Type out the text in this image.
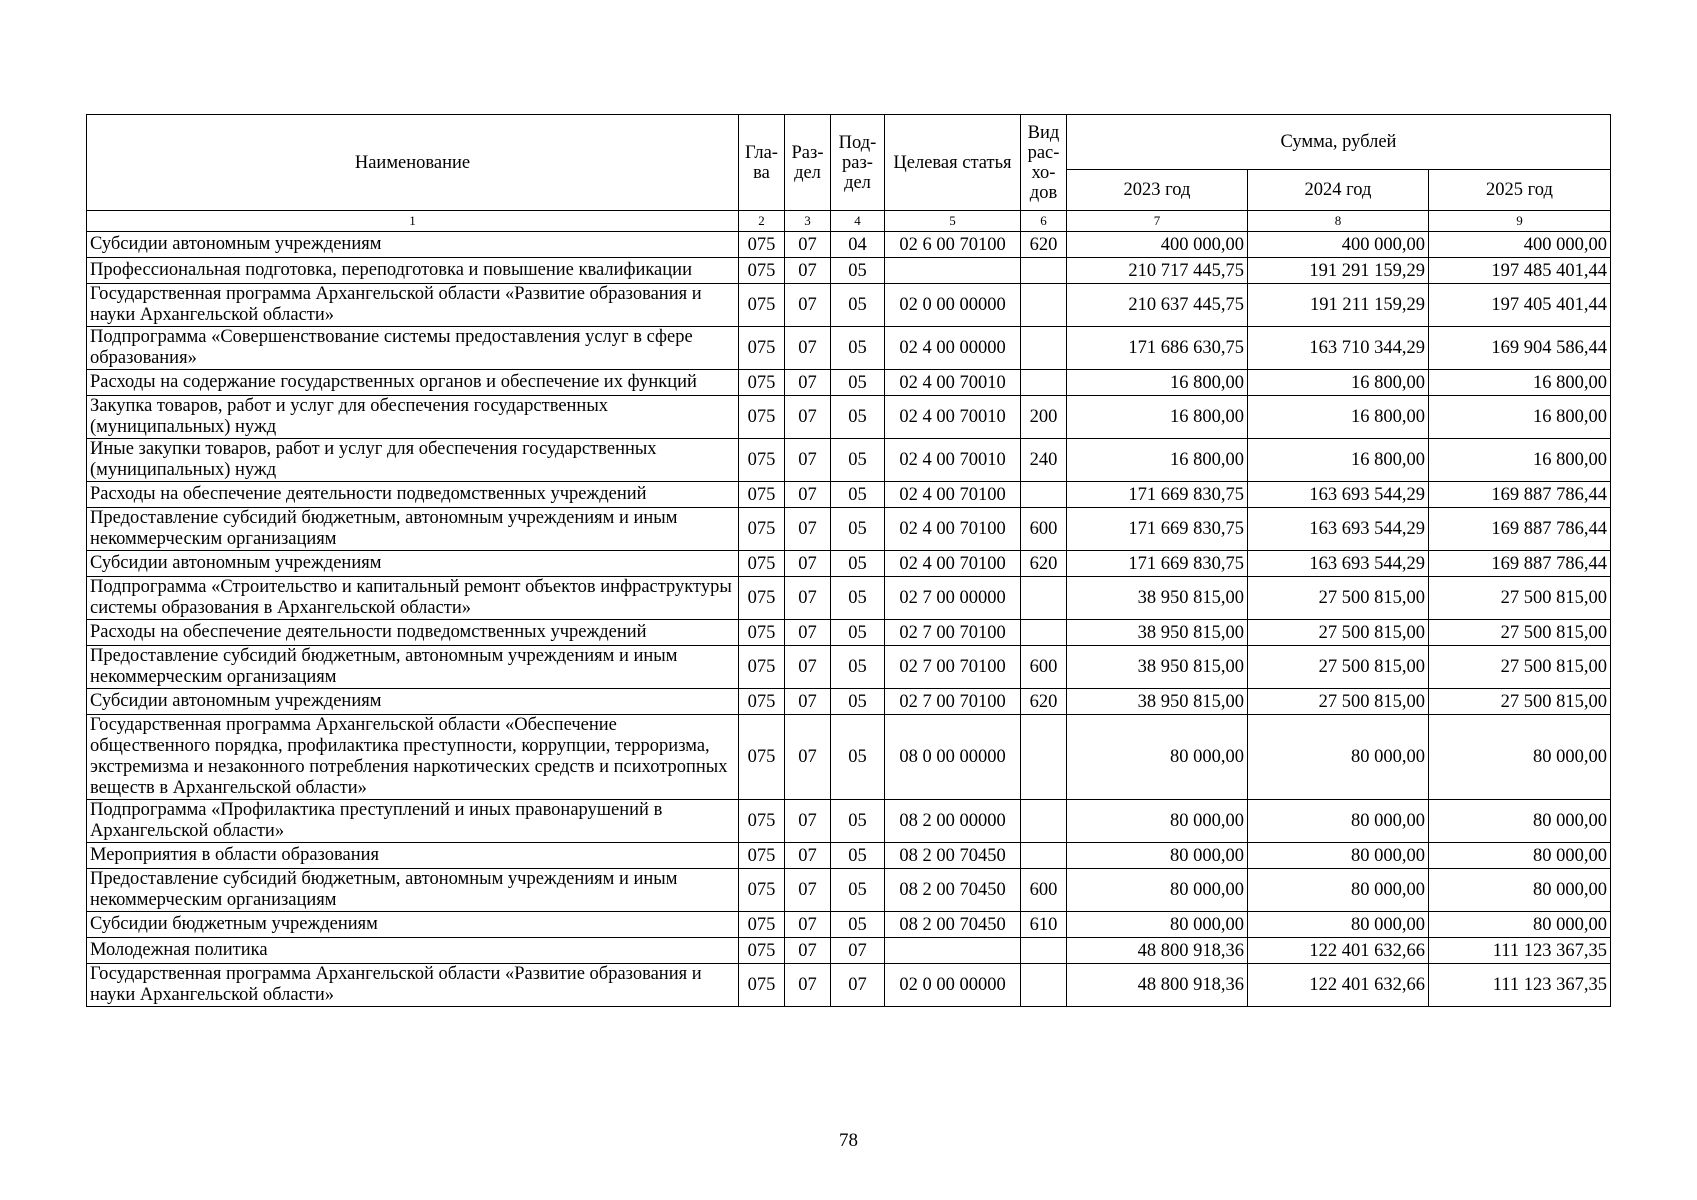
Наименование	Гла-ва	Раз-дел	Под-раз-дел	Целевая статья	Вид рас-хо-дов	Сумма, рублей		
						2023 год	2024 год	2025 год
1	2	3	4	5	6	7	8	9
Субсидии автономным учреждениям	075	07	04	02 6 00 70100	620	400 000,00	400 000,00	400 000,00
Профессиональная подготовка, переподготовка и повышение квалификации	075	07	05			210 717 445,75	191 291 159,29	197 485 401,44
Государственная программа Архангельской области «Развитие образования и науки Архангельской области»	075	07	05	02 0 00 00000		210 637 445,75	191 211 159,29	197 405 401,44
Подпрограмма «Совершенствование системы предоставления услуг в сфере образования»	075	07	05	02 4 00 00000		171 686 630,75	163 710 344,29	169 904 586,44
Расходы на содержание государственных органов и обеспечение их функций	075	07	05	02 4 00 70010		16 800,00	16 800,00	16 800,00
Закупка товаров, работ и услуг для обеспечения государственных (муниципальных) нужд	075	07	05	02 4 00 70010	200	16 800,00	16 800,00	16 800,00
Иные закупки товаров, работ и услуг для обеспечения государственных (муниципальных) нужд	075	07	05	02 4 00 70010	240	16 800,00	16 800,00	16 800,00
Расходы на обеспечение деятельности подведомственных учреждений	075	07	05	02 4 00 70100		171 669 830,75	163 693 544,29	169 887 786,44
Предоставление субсидий бюджетным, автономным учреждениям и иным некоммерческим организациям	075	07	05	02 4 00 70100	600	171 669 830,75	163 693 544,29	169 887 786,44
Субсидии автономным учреждениям	075	07	05	02 4 00 70100	620	171 669 830,75	163 693 544,29	169 887 786,44
Подпрограмма «Строительство и капитальный ремонт объектов инфраструктуры системы образования в Архангельской области»	075	07	05	02 7 00 00000		38 950 815,00	27 500 815,00	27 500 815,00
Расходы на обеспечение деятельности подведомственных учреждений	075	07	05	02 7 00 70100		38 950 815,00	27 500 815,00	27 500 815,00
Предоставление субсидий бюджетным, автономным учреждениям и иным некоммерческим организациям	075	07	05	02 7 00 70100	600	38 950 815,00	27 500 815,00	27 500 815,00
Субсидии автономным учреждениям	075	07	05	02 7 00 70100	620	38 950 815,00	27 500 815,00	27 500 815,00
Государственная программа Архангельской области «Обеспечение общественного порядка, профилактика преступности, коррупции, терроризма, экстремизма и незаконного потребления наркотических средств и психотропных веществ в Архангельской области»	075	07	05	08 0 00 00000		80 000,00	80 000,00	80 000,00
Подпрограмма «Профилактика преступлений и иных правонарушений в Архангельской области»	075	07	05	08 2 00 00000		80 000,00	80 000,00	80 000,00
Мероприятия в области образования	075	07	05	08 2 00 70450		80 000,00	80 000,00	80 000,00
Предоставление субсидий бюджетным, автономным учреждениям и иным некоммерческим организациям	075	07	05	08 2 00 70450	600	80 000,00	80 000,00	80 000,00
Субсидии бюджетным учреждениям	075	07	05	08 2 00 70450	610	80 000,00	80 000,00	80 000,00
Молодежная политика	075	07	07			48 800 918,36	122 401 632,66	111 123 367,35
Государственная программа Архангельской области «Развитие образования и науки Архангельской области»	075	07	07	02 0 00 00000		48 800 918,36	122 401 632,66	111 123 367,35
78
